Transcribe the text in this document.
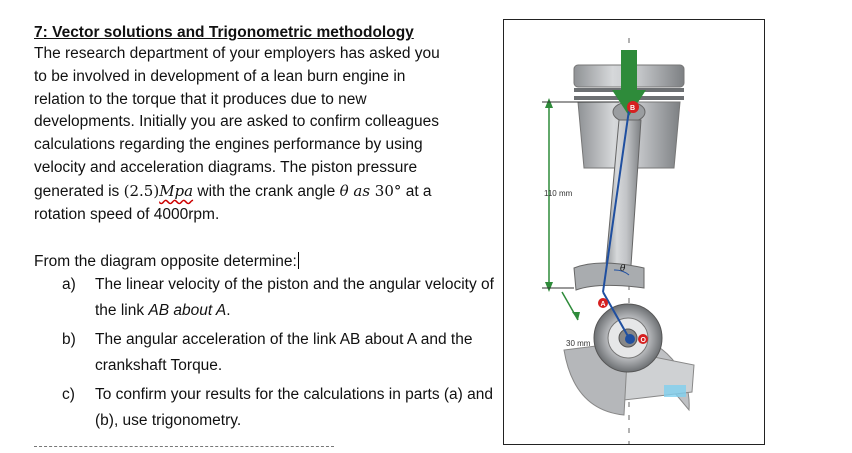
7: Vector solutions and Trigonometric methodology

The research department of your employers has asked you
to be involved in development of a lean burn engine in
relation to the torque that it produces due to new
developments. Initially you are asked to confirm colleagues
calculations regarding the engines performance by using
velocity and acceleration diagrams. The piston pressure
generated is (2.5)Mpa with the crank angle θ as 30° at a
rotation speed of 4000rpm.

From the diagram opposite determine:
a)	The linear velocity of the piston and the angular velocity of the link AB about A.
b)	The angular acceleration of the link AB about A and the crankshaft Torque.
c)	To confirm your results for the calculations in parts (a) and (b), use trigonometry.
110 mm
30 mm
θ
B
A
O
